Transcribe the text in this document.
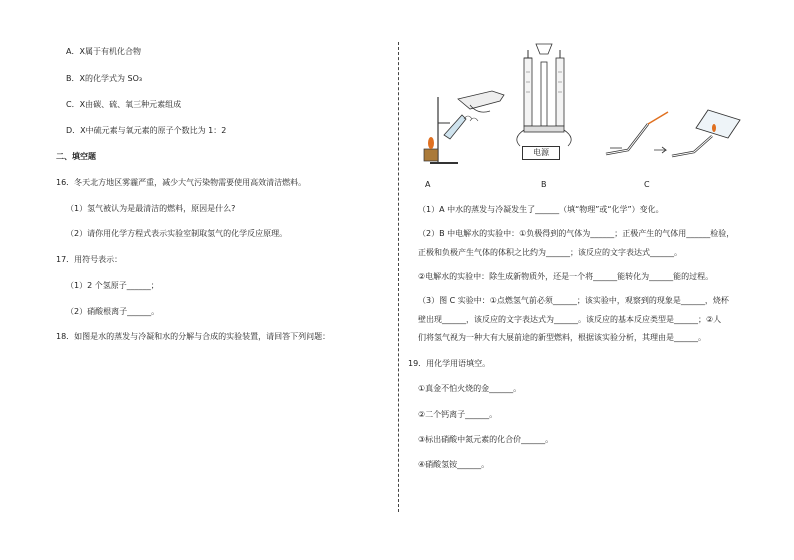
A．X属于有机化合物
B．X的化学式为 SO₃
C．X由碳、硫、氧三种元素组成
D．X中硫元素与氧元素的原子个数比为 1：2
二、填空题
16．冬天北方地区雾霾严重，减少大气污染物需要使用高效清洁燃料。
（1）氢气被认为是最清洁的燃料，原因是什么?
（2）请你用化学方程式表示实验室制取氢气的化学反应原理。
17．用符号表示：
（1）2 个氢原子______；
（2）硝酸根离子______。
18．如图是水的蒸发与冷凝和水的分解与合成的实验装置，请回答下列问题：
电源
A	B	C
（1）A 中水的蒸发与冷凝发生了______（填“物理”或“化学”）变化。
（2）B 中电解水的实验中：①负极得到的气体为______；正极产生的气体用______检验，
正极和负极产生气体的体积之比约为______；该反应的文字表达式______。
②电解水的实验中：除生成新物质外，还是一个将______能转化为______能的过程。
（3）图 C 实验中：①点燃氢气前必须______；该实验中，观察到的现象是______，烧杯
壁出现______，该反应的文字表达式为______。该反应的基本反应类型是______；②人
们将氢气视为一种大有大展前途的新型燃料，根据该实验分析，其理由是______。
19．用化学用语填空。
①真金不怕火烧的金______。
②二个钙离子______。
③标出硝酸中氮元素的化合价______。
④硝酸氢铵______。
